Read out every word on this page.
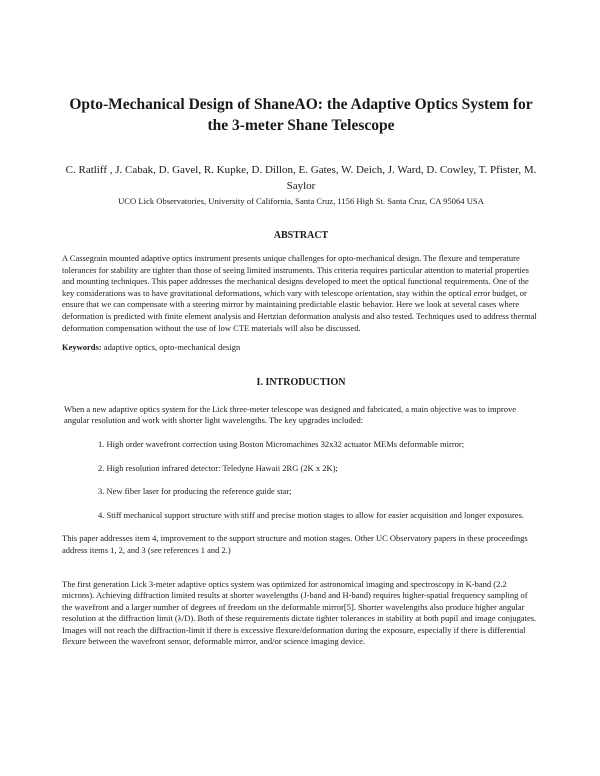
Opto-Mechanical Design of ShaneAO: the Adaptive Optics System for the 3-meter Shane Telescope

C. Ratliff , J. Cabak, D. Gavel, R. Kupke, D. Dillon, E. Gates, W. Deich, J. Ward, D. Cowley, T. Pfister, M. Saylor

UCO Lick Observatories, University of California, Santa Cruz, 1156 High St. Santa Cruz, CA 95064 USA

ABSTRACT

A Cassegrain mounted adaptive optics instrument presents unique challenges for opto-mechanical design. The flexure and temperature tolerances for stability are tighter than those of seeing limited instruments. This criteria requires particular attention to material properties and mounting techniques. This paper addresses the mechanical designs developed to meet the optical functional requirements. One of the key considerations was to have gravitational deformations, which vary with telescope orientation, stay within the optical error budget, or ensure that we can compensate with a steering mirror by maintaining predictable elastic behavior. Here we look at several cases where deformation is predicted with finite element analysis and Hertzian deformation analysis and also tested. Techniques used to address thermal deformation compensation without the use of low CTE materials will also be discussed.

Keywords: adaptive optics, opto-mechanical design

I. INTRODUCTION

When a new adaptive optics system for the Lick three-meter telescope was designed and fabricated, a main objective was to improve angular resolution and work with shorter light wavelengths. The key upgrades included:

1. High order wavefront correction using Boston Micromachines 32x32 actuator MEMs deformable mirror;
2. High resolution infrared detector: Teledyne Hawaii 2RG (2K x 2K);
3. New fiber laser for producing the reference guide star;
4. Stiff mechanical support structure with stiff and precise motion stages to allow for easier acquisition and longer exposures.

This paper addresses item 4, improvement to the support structure and motion stages. Other UC Observatory papers in these proceedings address items 1, 2, and 3 (see references 1 and 2.)

The first generation Lick 3-meter adaptive optics system was optimized for astronomical imaging and spectroscopy in K-band (2.2 microns). Achieving diffraction limited results at shorter wavelengths (J-band and H-band) requires higher-spatial frequency sampling of the wavefront and a larger number of degrees of freedom on the deformable mirror[5]. Shorter wavelengths also produce higher angular resolution at the diffraction limit (λ/D). Both of these requirements dictate tighter tolerances in stability at both pupil and image conjugates. Images will not reach the diffraction-limit if there is excessive flexure/deformation during the exposure, especially if there is differential flexure between the wavefront sensor, deformable mirror, and/or science imaging device.
